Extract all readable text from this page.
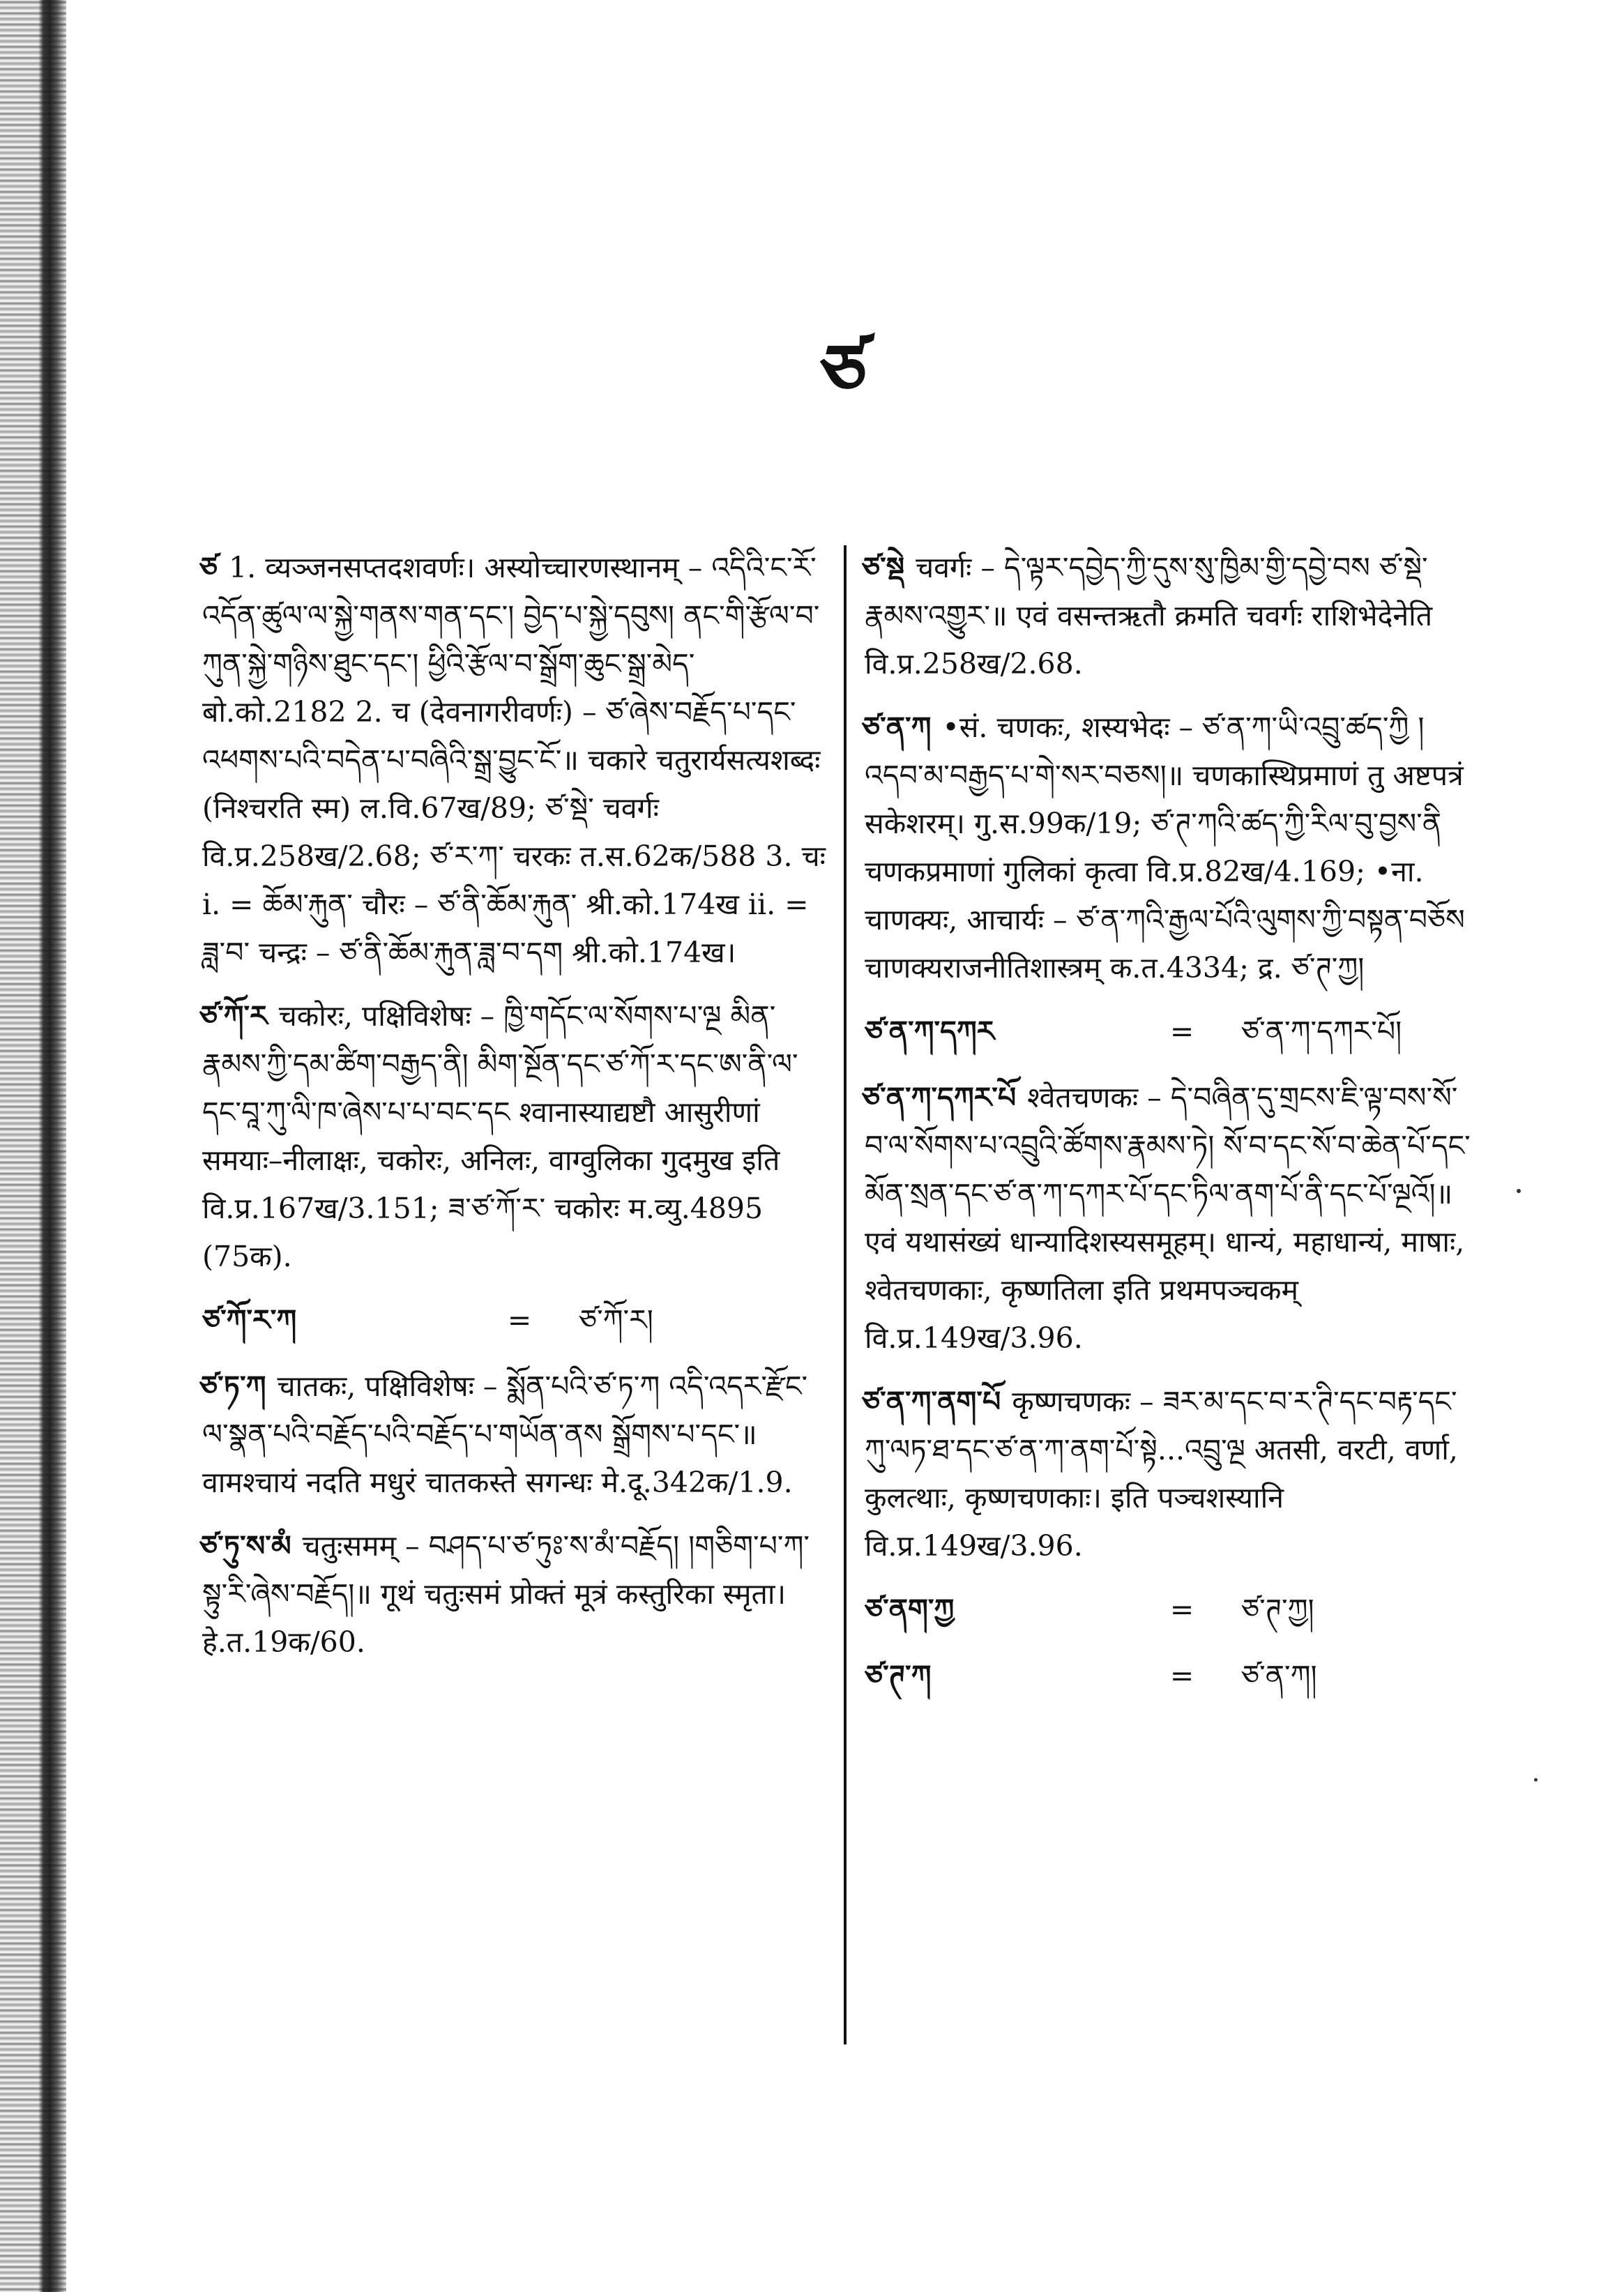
ཙ

ཙ 1. व्यञ्जनसप्तदशवर्णः। अस्योच्चारणस्थानम् – འདིའི་ང་རོ་འདོན་ཚུལ་ལ་སྐྱེ་གནས་གན་དང་། བྱེད་པ་སྐྱེ་དབུས། ནང་གི་རྩོལ་བ་ཀུན་སྐྱེ་གཉིས་ཐུང་དང་། ཕྱིའི་རྩོལ་བ་སྒྲོག་ཆུང་སྒྲ་མེད་ बो.को.2182 2. च (देवनागरीवर्णः) – ཙ་ཞེས་བརྗོད་པ་དང་འཕགས་པའི་བདེན་པ་བཞིའི་སྒྲ་བྱུང་ངོ་॥ चकारे चतुरार्यसत्यशब्दः (निश्चरति स्म) ल.वि.67ख/89; ཙ་སྡེ་ चवर्गः वि.प्र.258ख/2.68; ཙ་ར་ཀ་ चरकः त.स.62क/588 3. चः i. = ཆོམ་རྐུན་ चौरः – ཙ་ནི་ཆོམ་རྐུན་ श्री.को.174ख ii. = ཟླ་བ་ चन्द्रः – ཙ་ནི་ཆོམ་རྐུན་ཟླ་བ་དག श्री.को.174ख।

ཙ་ཀོ་ར चकोरः, पक्षिविशेषः – ཁྱི་གདོང་ལ་སོགས་པ་ལྔ མིན་རྣམས་ཀྱི་དམ་ཚིག་བརྒྱད་ནི། མིག་སྔོན་དང་ཙ་ཀོ་ར་དང་ཨ་ནི་ལ་དང་བཱ་ཀུ་ལི་ཁ་ཞེས་པ་པ་བང་དང श्वानास्याद्यष्टौ आसुरीणां समयाः–नीलाक्षः, चकोरः, अनिलः, वाग्वुलिका गुदमुख इति वि.प्र.167ख/3.151; ཟ་ཙ་ཀོ་ར་ चकोरः म.व्यु.4895 (75क).

ཙ་ཀོ་ར་ཀ	=	ཙ་ཀོ་ར།

ཙ་ཏ་ཀ चातकः, पक्षिविशेषः – སྨོན་པའི་ཙ་ཏ་ཀ འདི་འདར་རྫོང་ལ་སྣན་པའི་བརྗོད་པའི་བརྗོད་པ་གཡོན་ནས སྒྲོགས་པ་དང་॥ वामश्चायं नदति मधुरं चातकस्ते सगन्धः मे.दू.342क/1.9.

ཙ་ཏུ་ས་མཾ चतुःसमम् – བཤད་པ་ཙ་ཏུཿ་ས་མཾ་བརྗོད། །གཅིག་པ་ཀ་སྟུ་རི་ཞེས་བརྗོད།॥ गूथं चतुःसमं प्रोक्तं मूत्रं कस्तुरिका स्मृता। हे.त.19क/60.

ཙ་སྡེ चवर्गः – དེ་ལྟར་དབྱེད་ཀྱི་དུས་སུ་ཁྱིམ་གྱི་དབྱེ་བས ཙ་སྡེ་རྣམས་འགྱུར་॥ एवं वसन्तऋतौ क्रमति चवर्गः राशिभेदेनेति वि.प्र.258ख/2.68.

ཙ་ན་ཀ •सं. चणकः, शस्यभेदः – ཙ་ན་ཀ་ཡི་འབྲུ་ཚད་ཀྱི །འདབ་མ་བརྒྱད་པ་གེ་སར་བཅས།॥ चणकास्थिप्रमाणं तु अष्टपत्रं सकेशरम्। गु.स.99क/19; ཙ་ཊ་ཀའི་ཚད་ཀྱི་རིལ་བུ་བྱས་ནི चणकप्रमाणां गुलिकां कृत्वा वि.प्र.82ख/4.169; •ना. चाणक्यः, आचार्यः – ཙ་ན་ཀའི་རྒྱལ་པོའི་ལུགས་ཀྱི་བསྟན་བཅོས चाणक्यराजनीतिशास्त्रम् क.त.4334; द्र. ཙ་ཊ་ཀྱ།

ཙ་ན་ཀ་དཀར	=	ཙ་ན་ཀ་དཀར་པོ།

ཙ་ན་ཀ་དཀར་པོ श्वेतचणकः – དེ་བཞིན་དུ་གྲངས་ཇི་ལྟ་བས་སོ་བ་ལ་སོགས་པ་འབྲུའི་ཚོགས་རྣམས་ཏེ། སོ་བ་དང་སོ་བ་ཆེན་པོ་དང་མོན་སྲན་དང་ཙ་ན་ཀ་དཀར་པོ་དང་ཏིལ་ནག་པོ་ནི་དང་པོ་ལྔའོ།॥ एवं यथासंख्यं धान्यादिशस्यसमूहम्। धान्यं, महाधान्यं, माषाः, श्वेतचणकाः, कृष्णतिला इति प्रथमपञ्चकम् वि.प्र.149ख/3.96.

ཙ་ན་ཀ་ནག་པོ कृष्णचणकः – ཟར་མ་དང་བ་ར་ཊི་དང་བརྟ་དང་ཀུ་ལཏ་ཐ་དང་ཙ་ན་ཀ་ནག་པོ་སྟེ...འབྲུ་ལྔ अतसी, वरटी, वर्णा, कुलत्थाः, कृष्णचणकाः। इति पञ्चशस्यानि वि.प्र.149ख/3.96.

ཙ་ནག་ཀྱ	=	ཙ་ཊ་ཀྱ།
ཙ་ཊ་ཀ	=	ཙ་ན་ཀ།
